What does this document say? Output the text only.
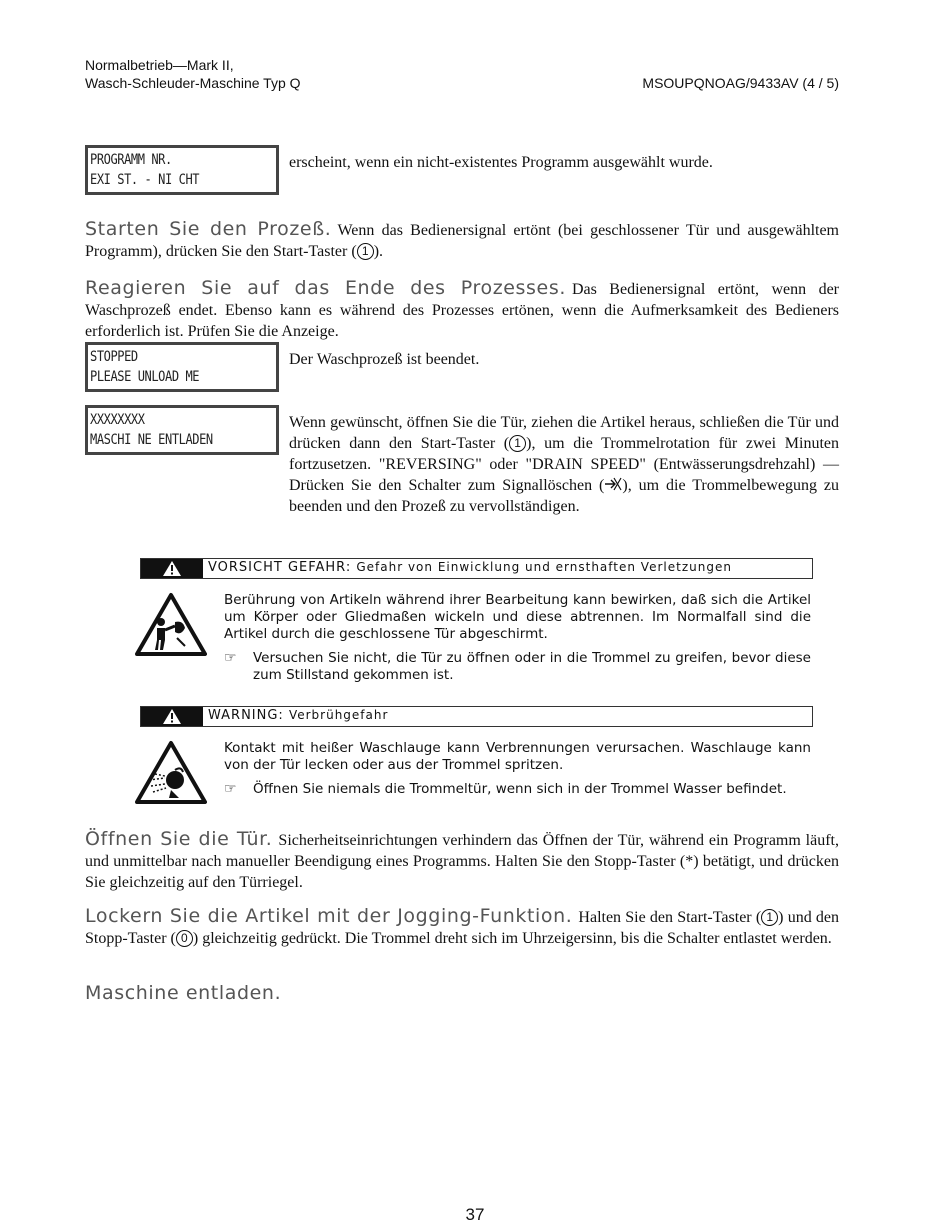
Normalbetrieb—Mark II,
Wasch-Schleuder-Maschine Typ Q	MSOUPQNOAG/9433AV (4 / 5)
PROGRAMM NR.
EXI ST. - NI CHT
erscheint, wenn ein nicht-existentes Programm ausgewählt wurde.
Starten Sie den Prozeß. Wenn das Bedienersignal ertönt (bei geschlossener Tür und ausgewähltem Programm), drücken Sie den Start-Taster ( 1 ).
Reagieren Sie auf das Ende des Prozesses. Das Bedienersignal ertönt, wenn der Waschprozeß endet. Ebenso kann es während des Prozesses ertönen, wenn die Aufmerksamkeit des Bedieners erforderlich ist. Prüfen Sie die Anzeige.
STOPPED
PLEASE UNLOAD ME
Der Waschprozeß ist beendet.
XXXXXXXX
MASCHI NE ENTLADEN
Wenn gewünscht, öffnen Sie die Tür, ziehen die Artikel heraus, schließen die Tür und drücken dann den Start-Taster ( 1 ), um die Trommelrotation für zwei Minuten fortzusetzen. "REVERSING" oder "DRAIN SPEED" (Entwässerungsdrehzahl) —Drücken Sie den Schalter zum Signallöschen ( ), um die Trommelbewegung zu beenden und den Prozeß zu vervollständigen.
VORSICHT GEFAHR: Gefahr von Einwicklung und ernsthaften Verletzungen
Berührung von Artikeln während ihrer Bearbeitung kann bewirken, daß sich die Artikel um Körper oder Gliedmaßen wickeln und diese abtrennen. Im Normalfall sind die Artikel durch die geschlossene Tür abgeschirmt.
☞ Versuchen Sie nicht, die Tür zu öffnen oder in die Trommel zu greifen, bevor diese zum Stillstand gekommen ist.
WARNING: Verbrühgefahr
Kontakt mit heißer Waschlauge kann Verbrennungen verursachen. Waschlauge kann von der Tür lecken oder aus der Trommel spritzen.
☞ Öffnen Sie niemals die Trommeltür, wenn sich in der Trommel Wasser befindet.
Öffnen Sie die Tür. Sicherheitseinrichtungen verhindern das Öffnen der Tür, während ein Programm läuft, und unmittelbar nach manueller Beendigung eines Programms. Halten Sie den Stopp-Taster (*) betätigt, und drücken Sie gleichzeitig auf den Türriegel.
Lockern Sie die Artikel mit der Jogging-Funktion. Halten Sie den Start-Taster ( 1 ) und den Stopp-Taster ( 0 ) gleichzeitig gedrückt. Die Trommel dreht sich im Uhrzeigersinn, bis die Schalter entlastet werden.
Maschine entladen.
37
